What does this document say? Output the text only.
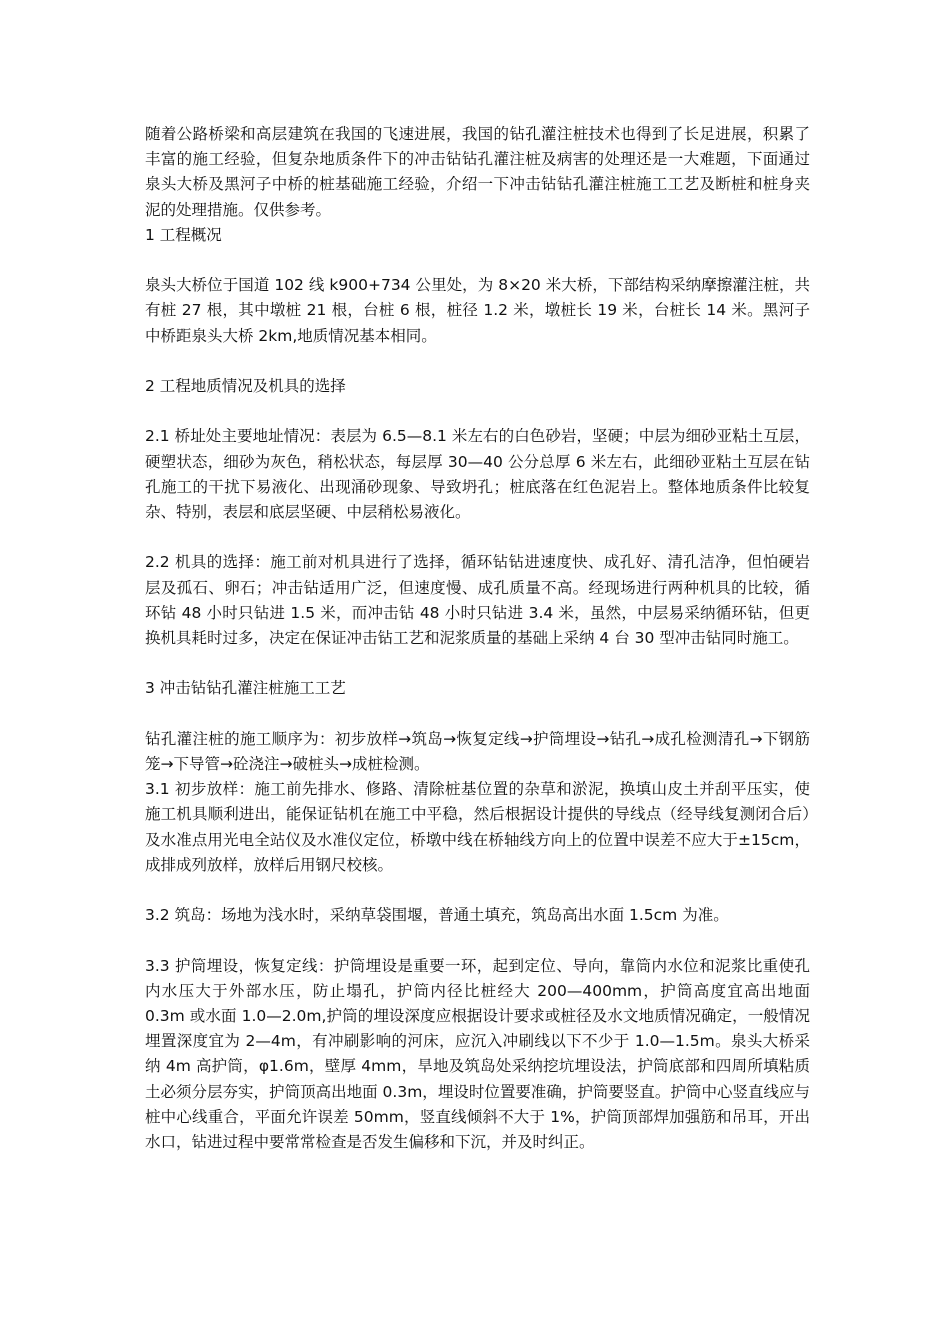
随着公路桥梁和高层建筑在我国的飞速进展，我国的钻孔灌注桩技术也得到了长足进展，积累了丰富的施工经验，但复杂地质条件下的冲击钻钻孔灌注桩及病害的处理还是一大难题，下面通过泉头大桥及黑河子中桥的桩基础施工经验，介绍一下冲击钻钻孔灌注桩施工工艺及断桩和桩身夹泥的处理措施。仅供参考。

1 工程概况

泉头大桥位于国道 102 线 k900+734 公里处，为 8×20 米大桥，下部结构采纳摩擦灌注桩，共有桩 27 根，其中墩桩 21 根，台桩 6 根，桩径 1.2 米，墩桩长 19 米，台桩长 14 米。黑河子中桥距泉头大桥 2km,地质情况基本相同。

2 工程地质情况及机具的选择

2.1 桥址处主要地址情况：表层为 6.5—8.1 米左右的白色砂岩，坚硬；中层为细砂亚粘土互层，硬塑状态，细砂为灰色，稍松状态，每层厚 30—40 公分总厚 6 米左右，此细砂亚粘土互层在钻孔施工的干扰下易液化、出现涌砂现象、导致坍孔；桩底落在红色泥岩上。整体地质条件比较复杂、特别，表层和底层坚硬、中层稍松易液化。

2.2 机具的选择：施工前对机具进行了选择，循环钻钻进速度快、成孔好、清孔洁净，但怕硬岩层及孤石、卵石；冲击钻适用广泛，但速度慢、成孔质量不高。经现场进行两种机具的比较，循环钻 48 小时只钻进 1.5 米，而冲击钻 48 小时只钻进 3.4 米，虽然，中层易采纳循环钻，但更换机具耗时过多，决定在保证冲击钻工艺和泥浆质量的基础上采纳 4 台 30 型冲击钻同时施工。

3 冲击钻钻孔灌注桩施工工艺

钻孔灌注桩的施工顺序为：初步放样→筑岛→恢复定线→护筒埋设→钻孔→成孔检测清孔→下钢筋笼→下导管→砼浇注→破桩头→成桩检测。

3.1 初步放样：施工前先排水、修路、清除桩基位置的杂草和淤泥，换填山皮土并刮平压实，使施工机具顺利进出，能保证钻机在施工中平稳，然后根据设计提供的导线点（经导线复测闭合后）及水准点用光电全站仪及水准仪定位，桥墩中线在桥轴线方向上的位置中误差不应大于±15cm，成排成列放样，放样后用钢尺校核。

3.2 筑岛：场地为浅水时，采纳草袋围堰，普通土填充，筑岛高出水面 1.5cm 为准。

3.3 护筒埋设，恢复定线：护筒埋设是重要一环，起到定位、导向，靠筒内水位和泥浆比重使孔内水压大于外部水压，防止塌孔，护筒内径比桩经大 200—400mm，护筒高度宜高出地面 0.3m 或水面 1.0—2.0m,护筒的埋设深度应根据设计要求或桩径及水文地质情况确定，一般情况埋置深度宜为 2—4m，有冲刷影响的河床，应沉入冲刷线以下不少于 1.0—1.5m。泉头大桥采纳 4m 高护筒，φ1.6m，壁厚 4mm，旱地及筑岛处采纳挖坑埋设法，护筒底部和四周所填粘质土必须分层夯实，护筒顶高出地面 0.3m，埋设时位置要准确，护筒要竖直。护筒中心竖直线应与桩中心线重合，平面允许误差 50mm，竖直线倾斜不大于 1%，护筒顶部焊加强筋和吊耳，开出水口，钻进过程中要常常检查是否发生偏移和下沉，并及时纠正。
